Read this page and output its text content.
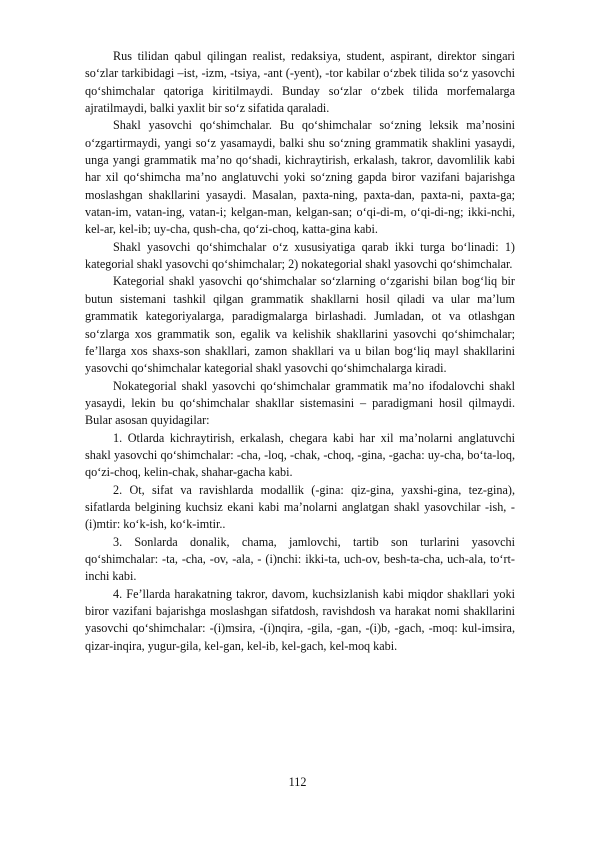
Rus tilidan qabul qilingan realist, redaksiya, student, aspirant, direktor singari so‘zlar tarkibidagi –ist, -izm, -tsiya, -ant (-yent), -tor kabilar o‘zbek tilida so‘z yasovchi qo‘shimchalar qatoriga kiritilmaydi. Bunday so‘zlar o‘zbek tilida morfemalarga ajratilmaydi, balki yaxlit bir so‘z sifatida qaraladi.

Shakl yasovchi qo‘shimchalar. Bu qo‘shimchalar so‘zning leksik ma’nosini o‘zgartirmaydi, yangi so‘z yasamaydi, balki shu so‘zning grammatik shaklini yasaydi, unga yangi grammatik ma’no qo‘shadi, kichraytirish, erkalash, takror, davomlilik kabi har xil qo‘shimcha ma’no anglatuvchi yoki so‘zning gapda biror vazifani bajarishga moslashgan shakllarini yasaydi. Masalan, paxta-ning, paxta-dan, paxta-ni, paxta-ga; vatan-im, vatan-ing, vatan-i; kelgan-man, kelgan-san; o‘qi-di-m, o‘qi-di-ng; ikki-nchi, kel-ar, kel-ib; uy-cha, qush-cha, qo‘zi-choq, katta-gina kabi.

Shakl yasovchi qo‘shimchalar o‘z xususiyatiga qarab ikki turga bo‘linadi: 1) kategorial shakl yasovchi qo‘shimchalar; 2) nokategorial shakl yasovchi qo‘shimchalar.

Kategorial shakl yasovchi qo‘shimchalar so‘zlarning o‘zgarishi bilan bog‘liq bir butun sistemani tashkil qilgan grammatik shakllarni hosil qiladi va ular ma’lum grammatik kategoriyalarga, paradigmalarga birlashadi. Jumladan, ot va otlashgan so‘zlarga xos grammatik son, egalik va kelishik shakllarini yasovchi qo‘shimchalar; fe’llarga xos shaxs-son shakllari, zamon shakllari va u bilan bog‘liq mayl shakllarini yasovchi qo‘shimchalar kategorial shakl yasovchi qo‘shimchalarga kiradi.

Nokategorial shakl yasovchi qo‘shimchalar grammatik ma’no ifodalovchi shakl yasaydi, lekin bu qo‘shimchalar shakllar sistemasini – paradigmani hosil qilmaydi. Bular asosan quyidagilar:

1. Otlarda kichraytirish, erkalash, chegara kabi har xil ma’nolarni anglatuvchi shakl yasovchi qo‘shimchalar: -cha, -loq, -chak, -choq, -gina, -gacha: uy-cha, bo‘ta-loq, qo‘zi-choq, kelin-chak, shahar-gacha kabi.

2. Ot, sifat va ravishlarda modallik (-gina: qiz-gina, yaxshi-gina, tez-gina), sifatlarda belgining kuchsiz ekani kabi ma’nolarni anglatgan shakl yasovchilar -ish, - (i)mtir: ko‘k-ish, ko‘k-imtir..

3. Sonlarda donalik, chama, jamlovchi, tartib son turlarini yasovchi qo‘shimchalar: -ta, -cha, -ov, -ala, - (i)nchi: ikki-ta, uch-ov, besh-ta-cha, uch-ala, to‘rt-inchi kabi.

4. Fe’llarda harakatning takror, davom, kuchsizlanish kabi miqdor shakllari yoki biror vazifani bajarishga moslashgan sifatdosh, ravishdosh va harakat nomi shakllarini yasovchi qo‘shimchalar: -(i)msira, -(i)nqira, -gila, -gan, -(i)b, -gach, -moq: kul-imsira, qizar-inqira, yugur-gila, kel-gan, kel-ib, kel-gach, kel-moq kabi.

112
